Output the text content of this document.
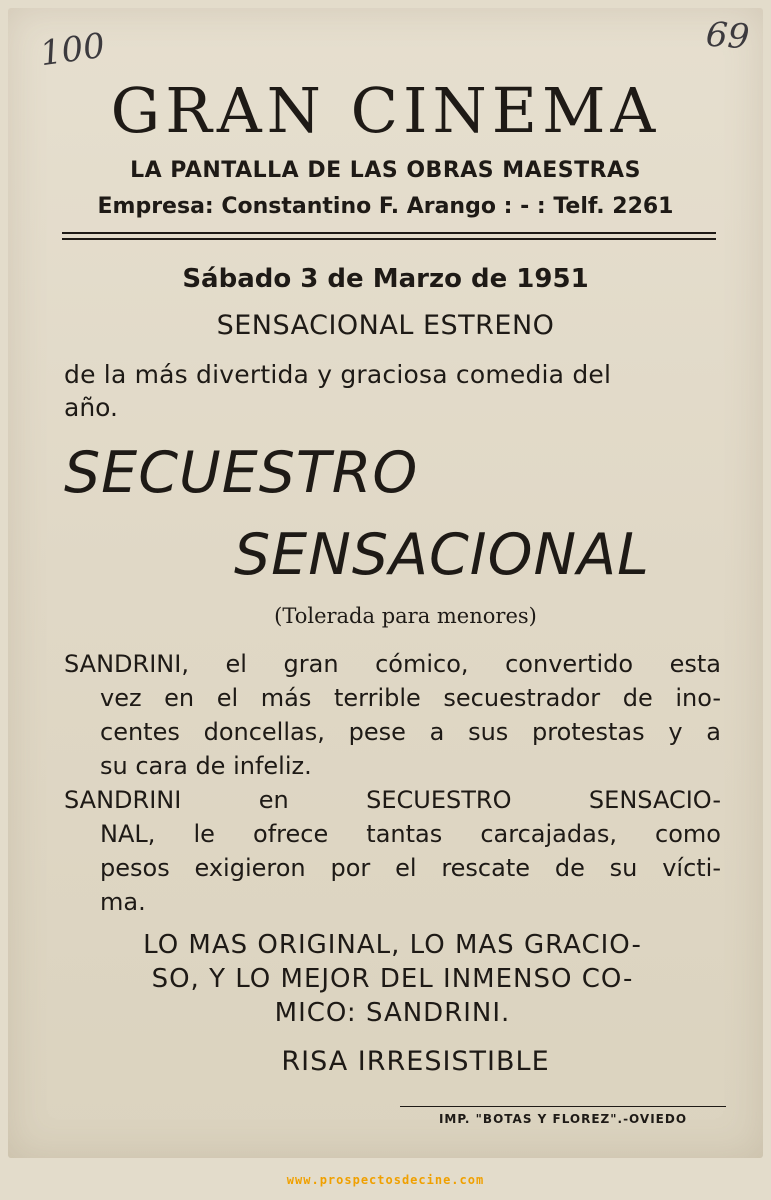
100	69
GRAN CINEMA
LA PANTALLA DE LAS OBRAS MAESTRAS
Empresa: Constantino F. Arango : - : Telf. 2261
Sábado 3 de Marzo de 1951
SENSACIONAL ESTRENO
de la más divertida y graciosa comedia del
año.
SECUESTRO
SENSACIONAL
(Tolerada para menores)
SANDRINI, el gran cómico, convertido esta
vez en el más terrible secuestrador de ino-
centes doncellas, pese a sus protestas y a
su cara de infeliz.
SANDRINI en SECUESTRO SENSACIO-
NAL, le ofrece tantas carcajadas, como
pesos exigieron por el rescate de su vícti-
ma.
LO MAS ORIGINAL, LO MAS GRACIO-
SO, Y LO MEJOR DEL INMENSO CO-
MICO: SANDRINI.
RISA IRRESISTIBLE
IMP. "BOTAS Y FLOREZ".-OVIEDO
www.prospectosdecine.com
